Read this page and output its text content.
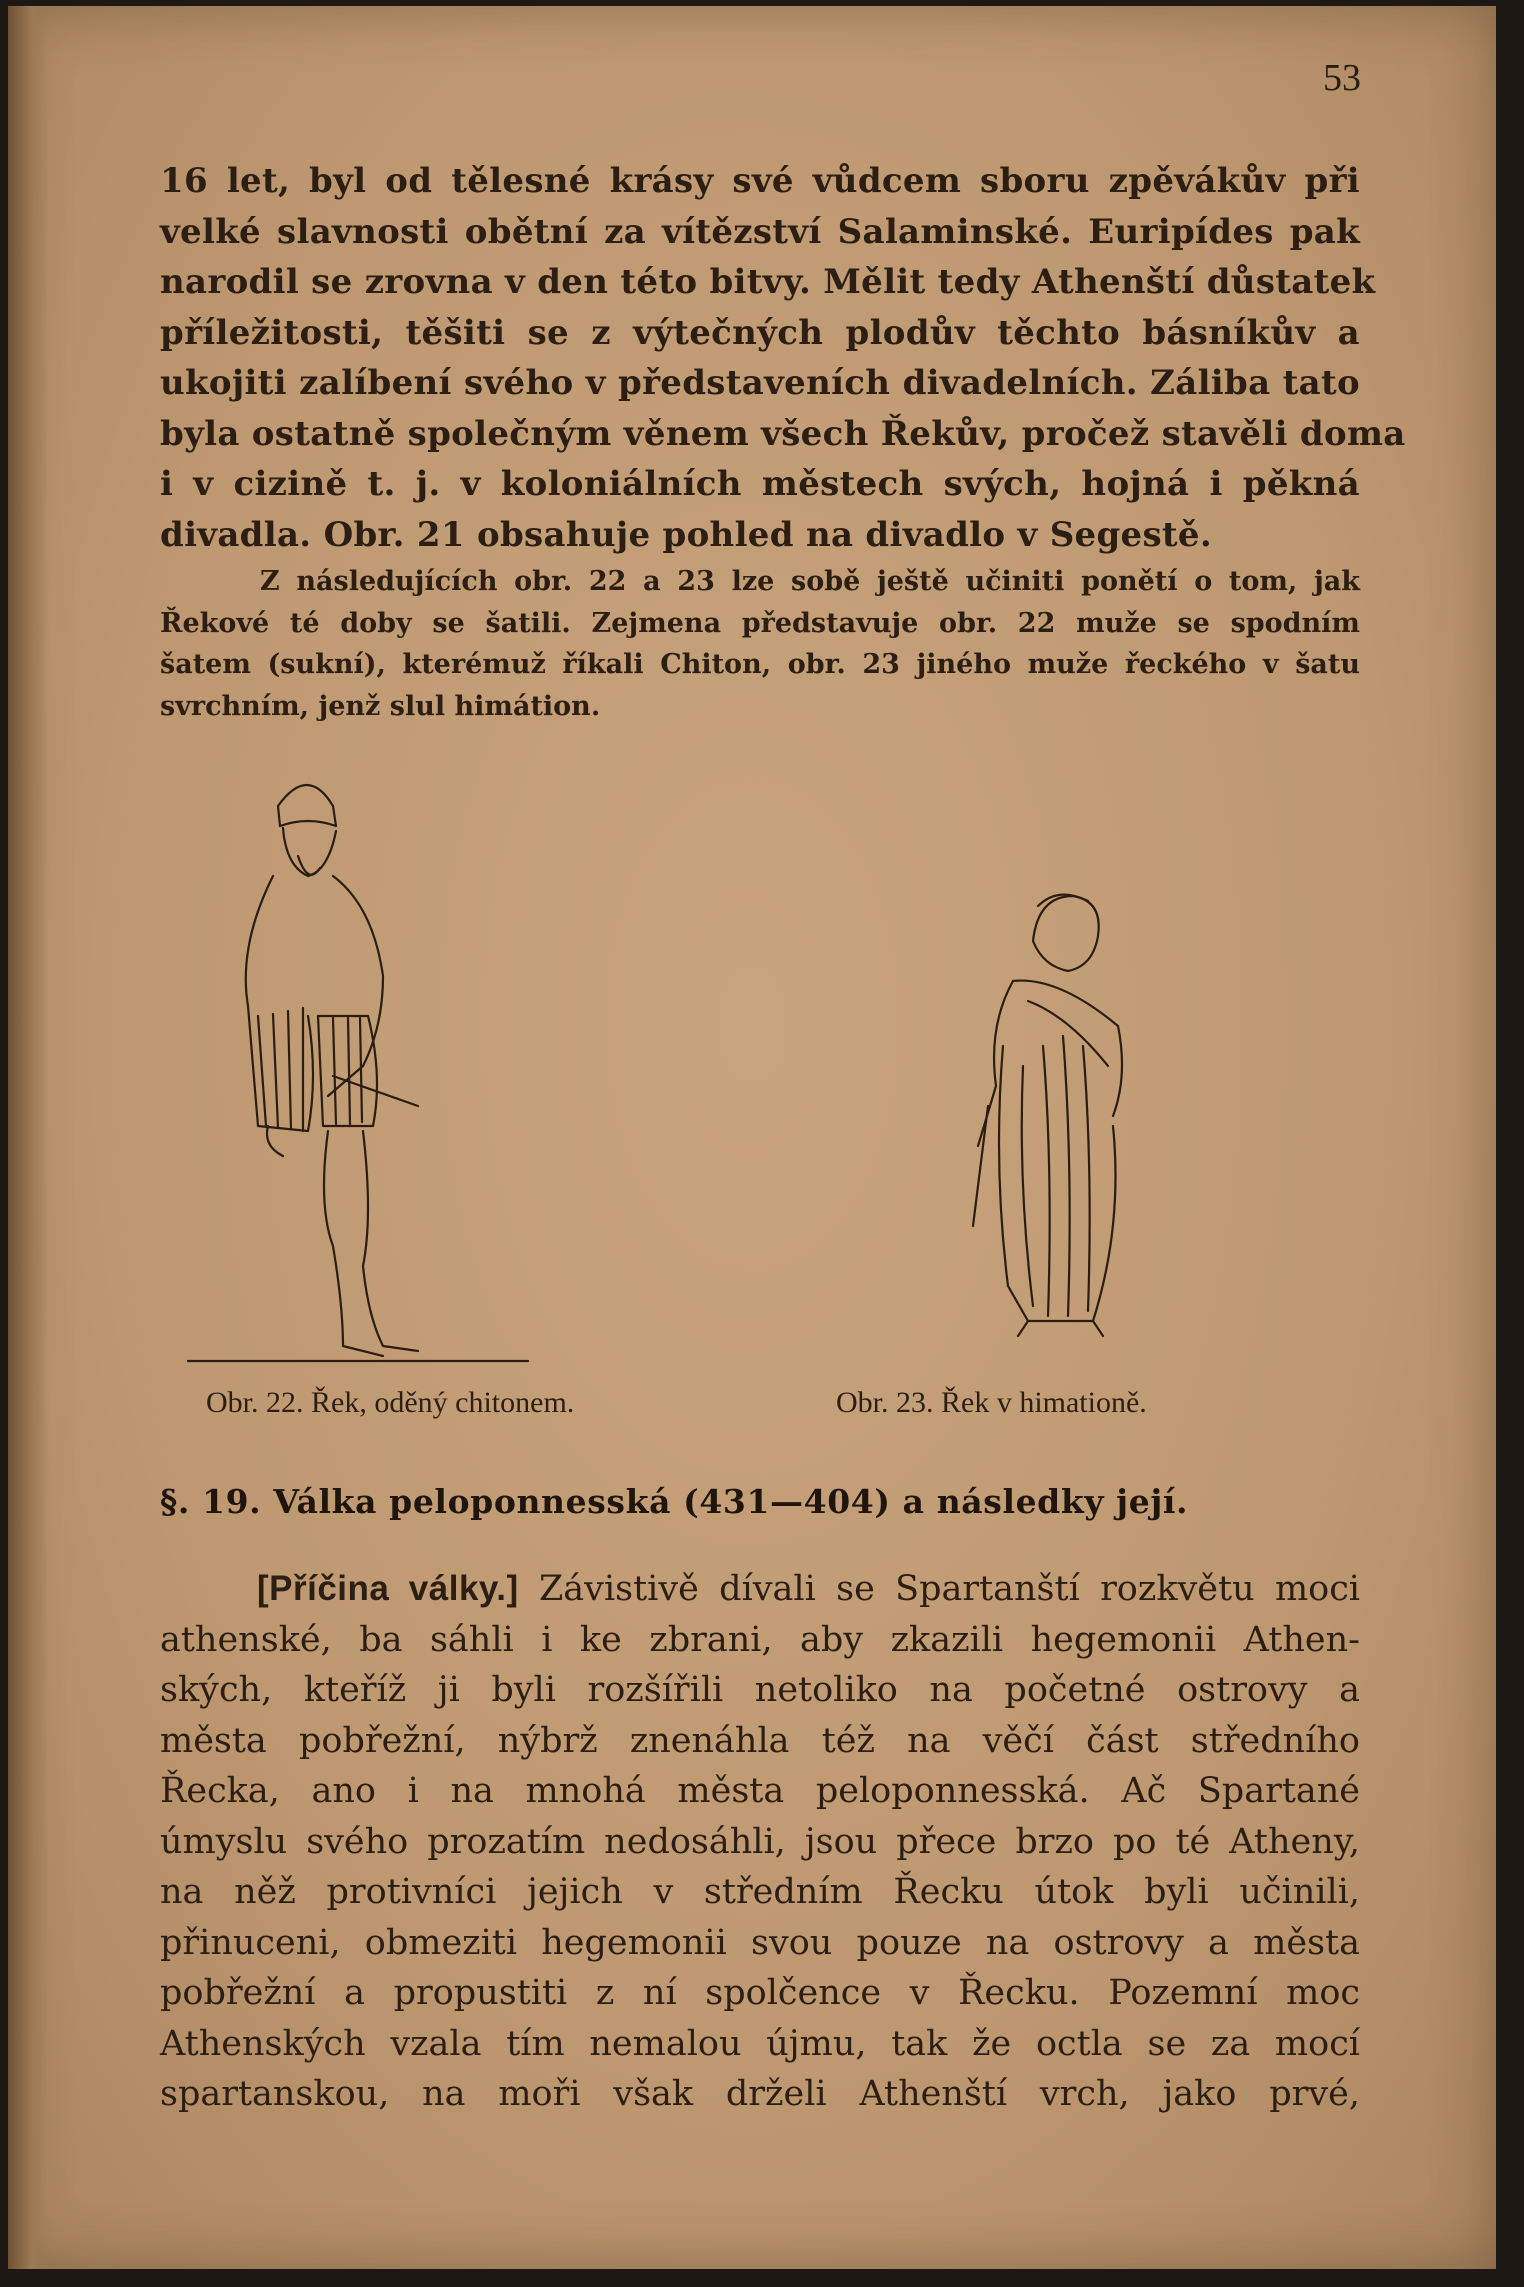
53
16 let, byl od tělesné krásy své vůdcem sboru zpěvákův při
velké slavnosti obětní za vítězství Salaminské. Euripídes pak
narodil se zrovna v den této bitvy. Mělit tedy Athenští důstatek
příležitosti, těšiti se z výtečných plodův těchto básníkův a
ukojiti zalíbení svého v představeních divadelních. Záliba tato
byla ostatně společným věnem všech Řekův, pročež stavěli doma
i v cizině t. j. v koloniálních městech svých, hojná i pěkná
divadla. Obr. 21 obsahuje pohled na divadlo v Segestě.
Z následujících obr. 22 a 23 lze sobě ještě učiniti ponětí o tom, jak
Řekové té doby se šatili. Zejmena představuje obr. 22 muže se spodním
šatem (sukní), kterémuž říkali Chiton, obr. 23 jiného muže řeckého v šatu
svrchním, jenž slul himátion.
Obr. 22. Řek, oděný chitonem.	Obr. 23. Řek v himationě.
§. 19. Válka peloponnesská (431—404) a následky její.
[Příčina války.] Závistivě dívali se Spartanští rozkvětu moci
athenské, ba sáhli i ke zbrani, aby zkazili hegemonii Athen-
ských, kteříž ji byli rozšířili netoliko na početné ostrovy a
města pobřežní, nýbrž znenáhla též na věčí část středního
Řecka, ano i na mnohá města peloponnesská. Ač Spartané
úmyslu svého prozatím nedosáhli, jsou přece brzo po té Atheny,
na něž protivníci jejich v středním Řecku útok byli učinili,
přinuceni, obmeziti hegemonii svou pouze na ostrovy a města
pobřežní a propustiti z ní spolčence v Řecku. Pozemní moc
Athenských vzala tím nemalou újmu, tak že octla se za mocí
spartanskou, na moři však drželi Athenští vrch, jako prvé,
